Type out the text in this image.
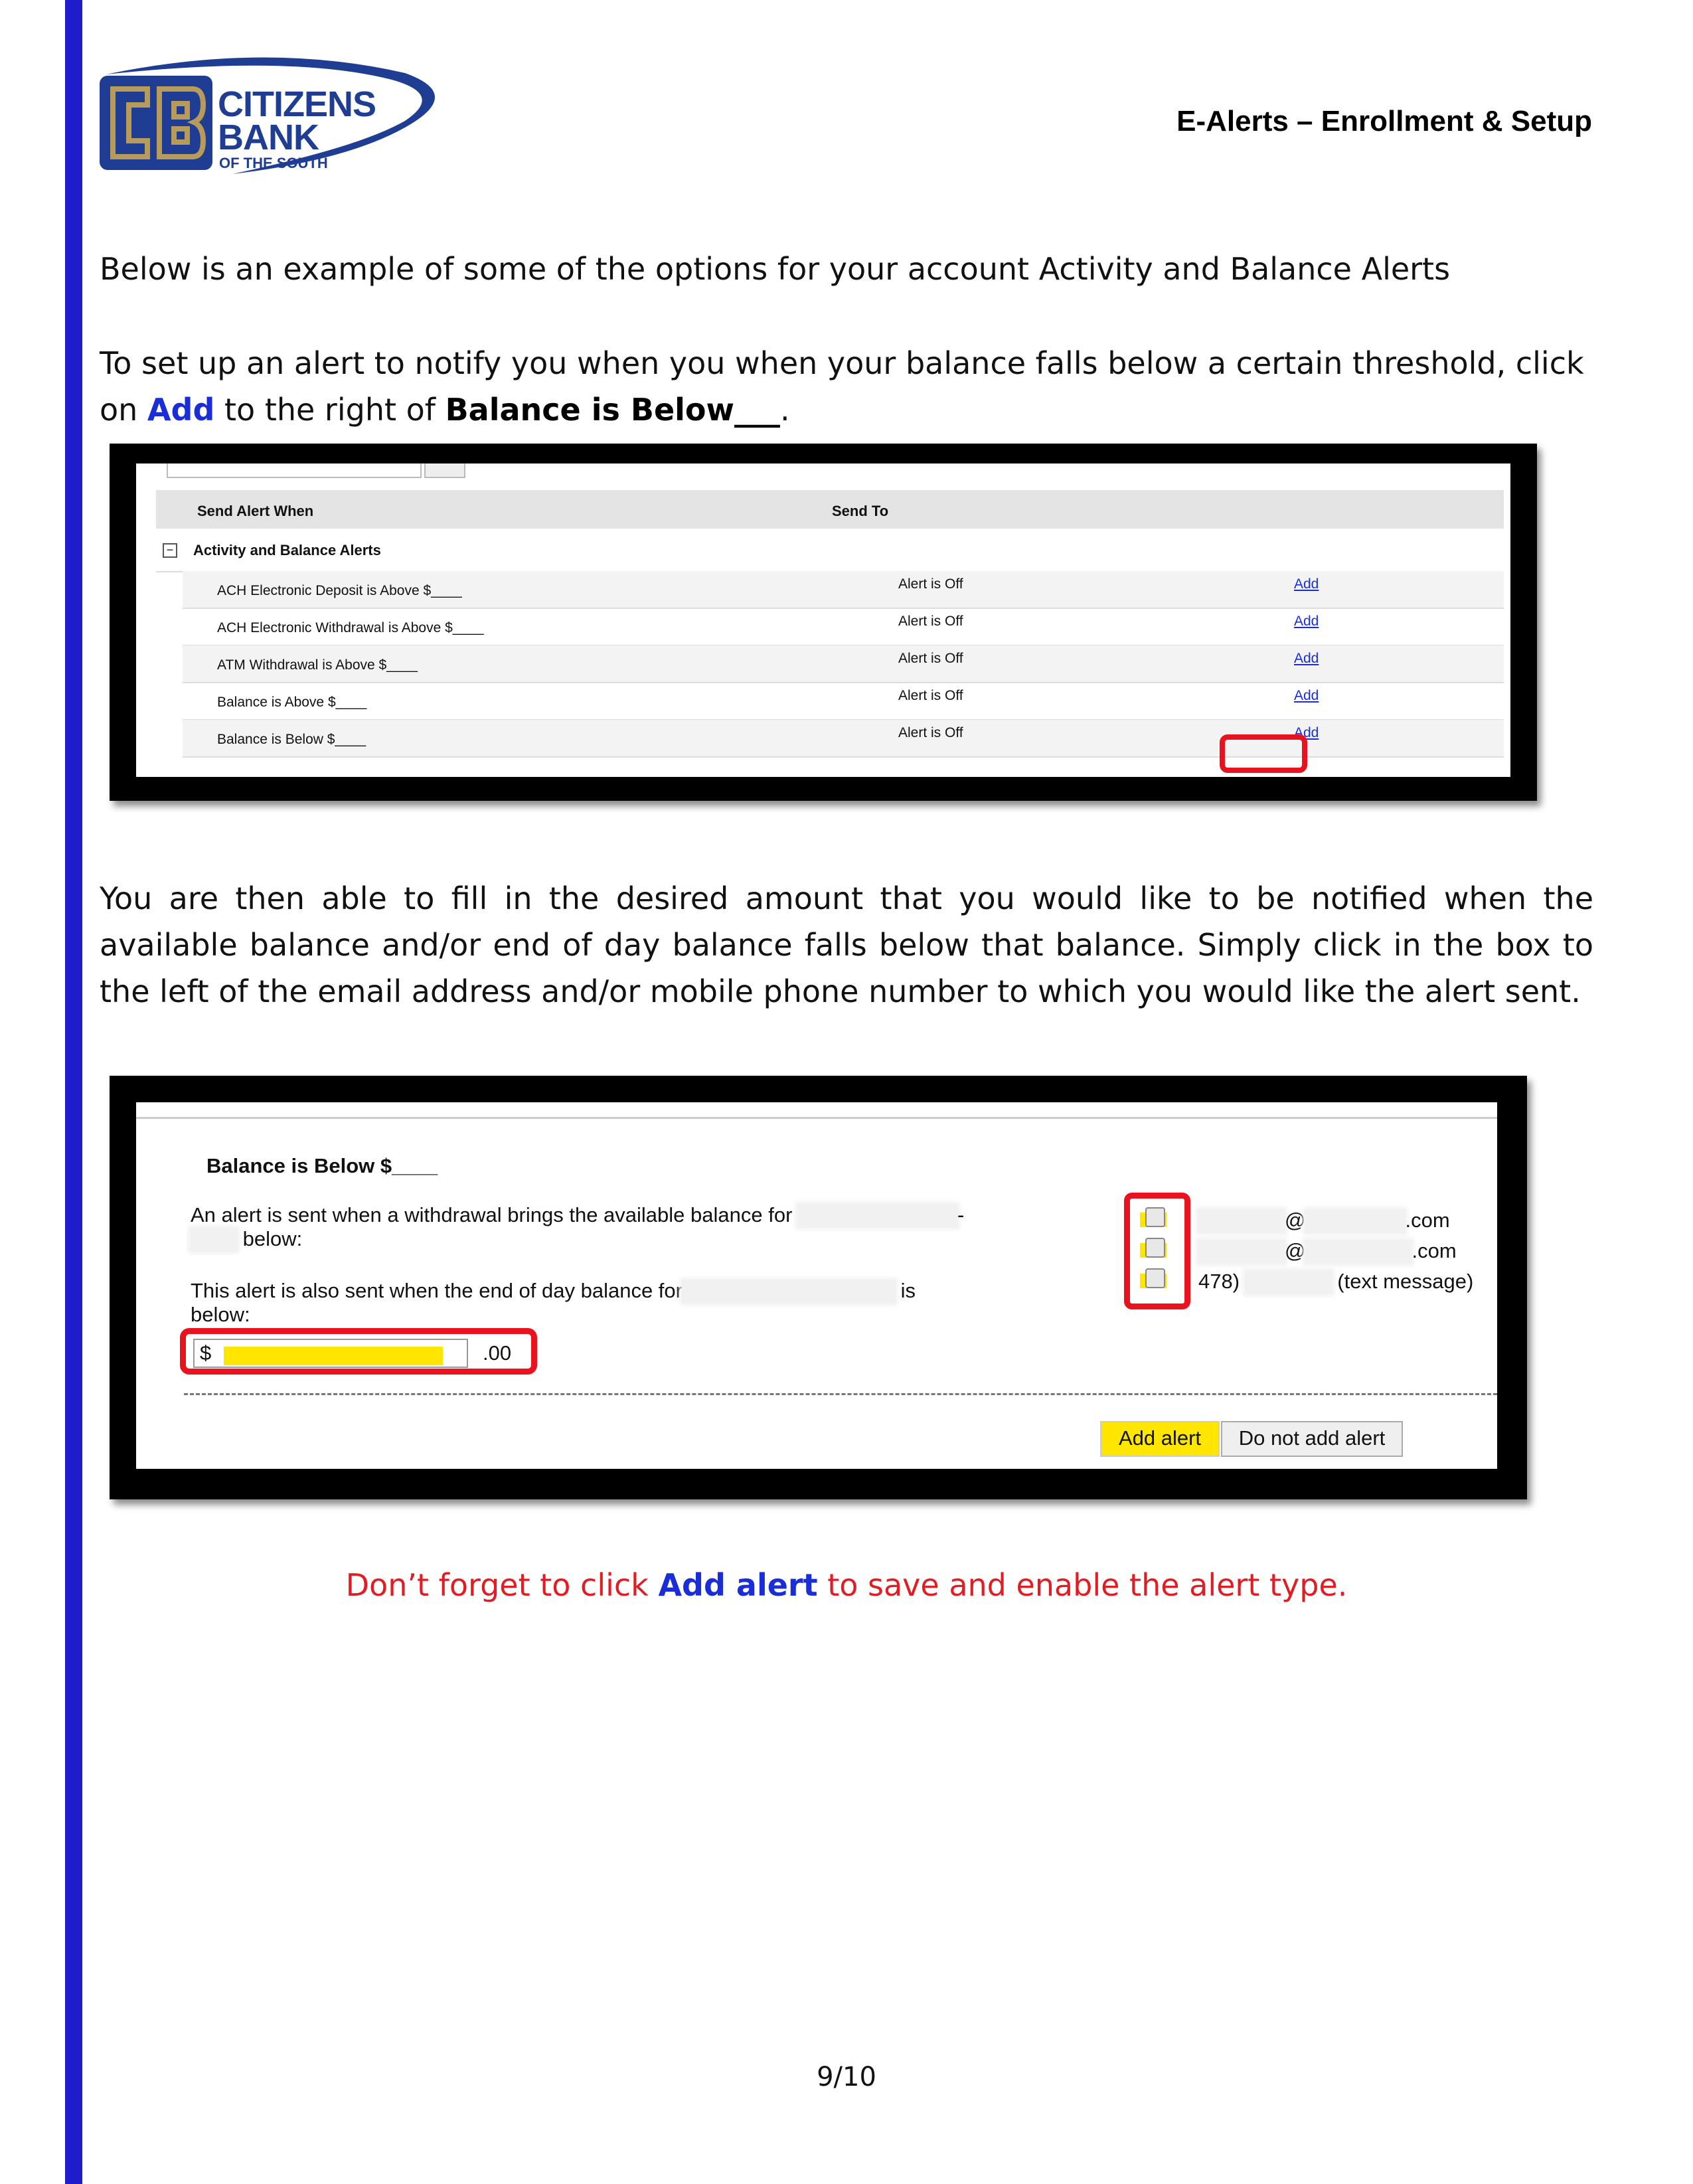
CITIZENS
BANK
OF THE SOUTH
E-Alerts – Enrollment & Setup
Below is an example of some of the options for your account Activity and Balance Alerts
To set up an alert to notify you when you when your balance falls below a certain threshold, click on Add to the right of Balance is Below___.
Send Alert When	Send To
− Activity and Balance Alerts
ACH Electronic Deposit is Above $____	Alert is Off	Add
ACH Electronic Withdrawal is Above $____	Alert is Off	Add
ATM Withdrawal is Above $____	Alert is Off	Add
Balance is Above $____	Alert is Off	Add
Balance is Below $____	Alert is Off	Add
You are then able to fill in the desired amount that you would like to be notified when the available balance and/or end of day balance falls below that balance. Simply click in the box to the left of the email address and/or mobile phone number to which you would like the alert sent.
Balance is Below $____
An alert is sent when a withdrawal brings the available balance for	-
below:
This alert is also sent when the end of day balance for	is
below:
$	.00
@	.com
@	.com
478)	(text message)
Add alert	Do not add alert
Don’t forget to click Add alert to save and enable the alert type.
9/10
